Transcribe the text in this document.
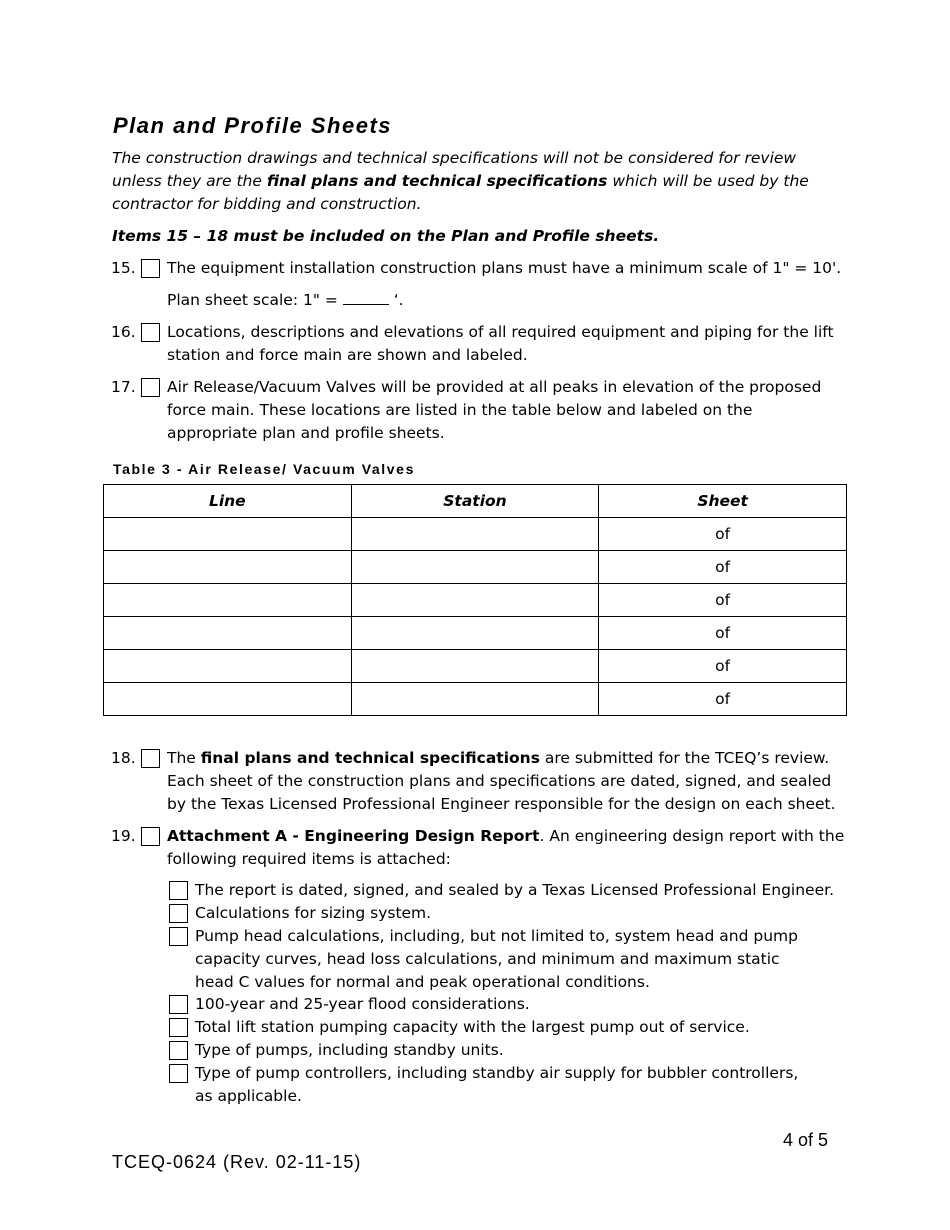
Plan and Profile Sheets
The construction drawings and technical specifications will not be considered for review unless they are the final plans and technical specifications which will be used by the contractor for bidding and construction.
Items 15 – 18 must be included on the Plan and Profile sheets.
15. The equipment installation construction plans must have a minimum scale of 1" = 10'.
Plan sheet scale: 1" =	‘.
16. Locations, descriptions and elevations of all required equipment and piping for the lift station and force main are shown and labeled.
17. Air Release/Vacuum Valves will be provided at all peaks in elevation of the proposed force main. These locations are listed in the table below and labeled on the appropriate plan and profile sheets.
Table 3 - Air Release/ Vacuum Valves
Line	Station	Sheet
		of
		of
		of
		of
		of
		of
18. The final plans and technical specifications are submitted for the TCEQ’s review. Each sheet of the construction plans and specifications are dated, signed, and sealed by the Texas Licensed Professional Engineer responsible for the design on each sheet.
19. Attachment A - Engineering Design Report. An engineering design report with the following required items is attached:
The report is dated, signed, and sealed by a Texas Licensed Professional Engineer.
Calculations for sizing system.
Pump head calculations, including, but not limited to, system head and pump capacity curves, head loss calculations, and minimum and maximum static head C values for normal and peak operational conditions.
100-year and 25-year flood considerations.
Total lift station pumping capacity with the largest pump out of service.
Type of pumps, including standby units.
Type of pump controllers, including standby air supply for bubbler controllers, as applicable.
4 of 5
TCEQ-0624 (Rev. 02-11-15)
